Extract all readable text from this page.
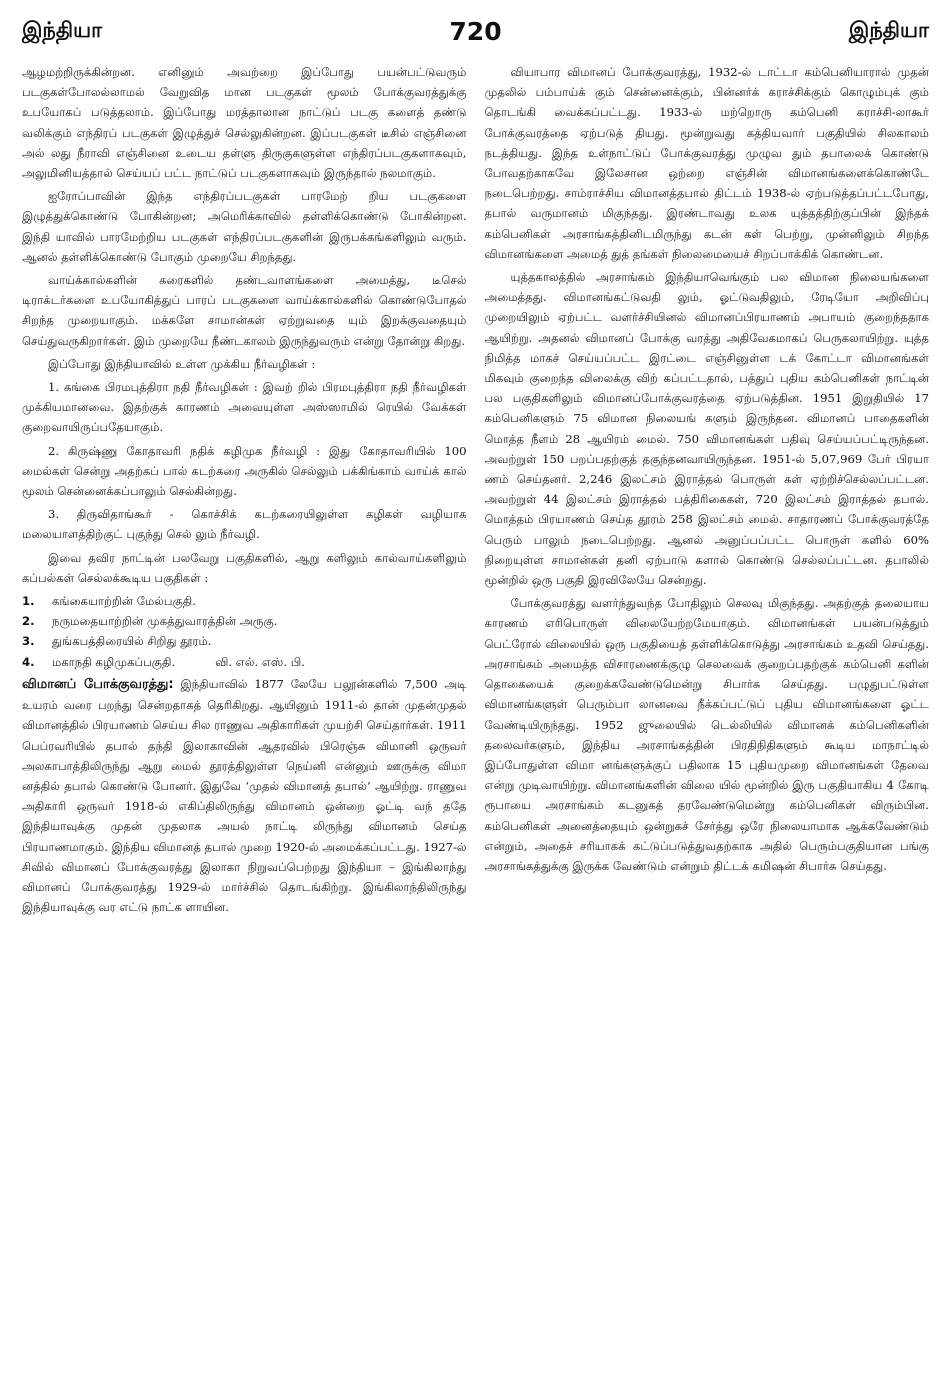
இந்தியா	720	இந்தியா

ஆழமற்றிருக்கின்றன. எனினும் அவற்றை இப்போது பயன்பட்டுவரும் படகுகள்போலல்லாமல் வேறுவித மான படகுகள் மூலம் போக்குவரத்துக்கு உபயோகப் படுத்தலாம். இப்போது மரத்தாலான நாட்டுப் படகு களைத் தண்டு வலிக்கும் எந்திரப் படகுகள் இழுத்துச் செல்லுகின்றன. இப்படகுகள் டீசில் எஞ்சினை அல் லது நீராவி எஞ்சினை உடைய தள்ளு திருகுகளுள்ள எந்திரப்படகுகளாகவும், அலுமினியத்தால் செய்யப் பட்ட நாட்டுப் படகுகளாகவும் இருந்தால் நலமாகும்.

ஐரோப்பாவின் இந்த எந்திரப்படகுகள் பாரமேற் றிய படகுகளை இழுத்துக்கொண்டு போகின்றன; அமெரிக்காவில் தள்ளிக்கொண்டு போகின்றன. இந்தி யாவில் பாரமேற்றிய படகுகள் எந்திரப்படகுகளின் இருபக்கங்களிலும் வரும். ஆனல் தள்ளிக்கொண்டு போகும் முறையே சிறந்தது.

வாய்க்கால்களின் கரைகளில் தண்டவாளங்களை அமைத்து, டீசெல் டிராக்டர்களை உபயோகித்துப் பாரப் படகுகளை வாய்க்கால்களில் கொண்டுபோதல் சிறந்த முறையாகும். மக்களே சாமான்கள் ஏற்றுவதை யும் இறக்குவதையும் செய்துவருகிறார்கள். இம் முறையே நீண்டகாலம் இருந்துவரும் என்று தோன்று கிறது.

இப்போது இந்தியாவில் உள்ள முக்கிய நீர்வழிகள் :

1. கங்கை பிரமபுத்திரா நதி நீர்வழிகள் : இவற் றில் பிரமபுத்திரா நதி நீர்வழிகள் முக்கியமானவை. இதற்குக் காரணம் அவையுள்ள அஸ்ஸாமில் ரெயில் வேக்கள் குறைவாயிருப்பதேயாகும்.

2. கிருஷ்ணு கோதாவரி நதிக் கழிமுக நீர்வழி : இது கோதாவரியில் 100 மைல்கள் சென்று அதற்கப் பால் கடற்கரை அருகில் செல்லும் பக்கிங்காம் வாய்க் கால் மூலம் சென்னைக்கப்பாலும் செல்கின்றது.

3. திருவிதாங்கூர் - கொச்சிக் கடற்கரையிலுள்ள கழிகள் வழியாக மலையாளத்திற்குட் புகுந்து செல் லும் நீர்வழி.

இவை தவிர நாட்டின் பலவேறு பகுதிகளில், ஆறு களிலும் கால்வாய்களிலும் கப்பல்கள் செல்லக்கூடிய பகுதிகள் :

1.	கங்கையாற்றின் மேல்பகுதி.
2.	நருமதையாற்றின் முகத்துவாரத்தின் அருகு.
3.	துங்கபத்திரையில் சிறிது தூரம்.
4.	மகாநதி கழிமுகப்பகுதி.	வி. எல். எஸ். பி.

விமானப் போக்குவரத்து: இந்தியாவில் 1877 லேயே பலூன்களில் 7,500 அடி உயரம் வரை பறந்து சென்றதாகத் தெரிகிறது. ஆயினும் 1911-ல் தான் முதன்முதல் விமானத்தில் பிரயாணம் செய்ய சில ராணுவ அதிகாரிகள் முயற்சி செய்தார்கள். 1911 பெப்ரவரியில் தபால் தந்தி இலாகாவின் ஆதரவில் பிரெஞ்சு விமானி ஒருவர் அலகாபாத்திலிருந்து ஆறு மைல் தூரத்திலுள்ள நெய்னி என்னும் ஊருக்கு விமா னத்தில் தபால் கொண்டு போனர். இதுவே ‘முதல் விமானத் தபால்’ ஆயிற்று. ராணுவ அதிகாரி ஒருவர் 1918-ல் எகிப்திலிருந்து விமானம் ஒன்றை ஓட்டி வந் ததே இந்தியாவுக்கு முதன் முதலாக அயல் நாட்டி லிருந்து விமானம் செய்த பிரயாணமாகும். இந்திய விமானத் தபால் முறை 1920-ல் அமைக்கப்பட்டது. 1927-ல் சிவில் விமானப் போக்குவரத்து இலாகா நிறுவப்பெற்றது இந்தியா – இங்கிலாந்து விமானப் போக்குவரத்து 1929-ல் மார்ச்சில் தொடங்கிற்று. இங்கிலாந்திலிருந்து இந்தியாவுக்கு வர எட்டு நாட்க ளாயின.

வியாபார விமானப் போக்குவரத்து, 1932-ல் டாட்டா கம்பெனியாரால் முதன் முதலில் பம்பாய்க் கும் சென்னைக்கும், பின்னர்க் கராச்சிக்கும் கொழும்புக் கும் தொடங்கி வைக்கப்பட்டது. 1933-ல் மற்றொரு கம்பெனி கராச்சி-லாகூர் போக்குவரத்தை ஏற்படுத் தியது. மூன்றுவது கத்தியவார் பகுதியில் சிலகாலம் நடத்தியது. இந்த உள்நாட்டுப் போக்குவரத்து முழுவ தும் தபாலைக் கொண்டு போவதற்காகவே இலேசான ஒற்றை எஞ்சின் விமானங்களைக்கொண்டே நடைபெற்றது. சாம்ராச்சிய விமானத்தபால் திட்டம் 1938-ல் ஏற்படுத்தப்பட்டபோது, தபால் வருமானம் மிகுந்தது. இரண்டாவது உலக யுத்தத்திற்குப்பின் இந்தக் கம்பெனிகள் அரசாங்கத்தினிடமிருந்து கடன் கள் பெற்று, முன்னிலும் சிறந்த விமானங்களை அமைத் துத் தங்கள் நிலைமையைச் சிறப்பாக்கிக் கொண்டன.

யுத்தகாலத்தில் அரசாங்கம் இந்தியாவெங்கும் பல விமான நிலையங்களை அமைத்தது. விமானங்கட்டுவதி லும், ஓட்டுவதிலும், ரேடியோ அறிவிப்பு முறையிலும் ஏற்பட்ட வளர்ச்சியினல் விமானப்பிரயாணம் அபாயம் குறைந்ததாக ஆயிற்று. அதனல் விமானப் போக்கு வரத்து அதிவேகமாகப் பெருகலாயிற்று. யுத்த நிமித்த மாகச் செய்யப்பட்ட இரட்டை எஞ்சினுள்ள டக் கோட்டா விமானங்கள் மிகவும் குறைந்த விலைக்கு விற் கப்பட்டதால், பத்துப் புதிய கம்பெனிகள் நாட்டின் பல பகுதிகளிலும் விமானப்போக்குவரத்தை ஏற்படுத்தின. 1951 இறுதியில் 17 கம்பெனிகளும் 75 விமான நிலையங் களும் இருந்தன. விமானப் பாதைகளின் மொத்த நீளம் 28 ஆயிரம் மைல். 750 விமானங்கள் பதிவு செய்யப்பட்டிருந்தன. அவற்றுள் 150 பறப்பதற்குத் தகுந்தனவாயிருந்தன. 1951-ல் 5,07,969 பேர் பிரயா ணம் செய்தனர். 2,246 இலட்சம் இராத்தல் பொருள் கள் ஏற்றிச்செல்லப்பட்டன. அவற்றுள் 44 இலட்சம் இராத்தல் பத்திரிகைகள், 720 இலட்சம் இராத்தல் தபால். மொத்தம் பிரயாணம் செய்த தூரம் 258 இலட்சம் மைல். சாதாரணப் போக்குவரத்தே பெரும் பாலும் நடைபெற்றது. ஆனல் அனுப்பப்பட்ட பொருள் களில் 60% நிறையுள்ள சாமான்கள் தனி ஏற்பாடு களால் கொண்டு செல்லப்பட்டன. தபாலில் மூன்றில் ஒரு பகுதி இரவிலேயே சென்றது.

போக்குவரத்து வளர்ந்துவந்த போதிலும் செலவு மிகுந்தது. அதற்குத் தலையாய காரணம் எரிபொருள் விலையேற்றமேயாகும். விமானங்கள் பயன்படுத்தும் பெட்ரோல் விலையில் ஒரு பகுதியைத் தள்ளிக்கொடுத்து அரசாங்கம் உதவி செய்தது. அரசாங்கம் அமைத்த விசாரணைக்குழு செலவைக் குறைப்பதற்குக் கம்பெனி களின் தொகையைக் குறைக்கவேண்டுமென்று சிபார்சு செய்தது. பழுதுபட்டுள்ள விமானங்களுள் பெரும்பா லானவை நீக்கப்பட்டுப் புதிய விமானங்களை ஓட்ட வேண்டியிருந்தது. 1952 ஜுலையில் டெல்லியில் விமானக் கம்பெனிகளின் தலைவர்களும், இந்திய அரசாங்கத்தின் பிரதிநிதிகளும் கூடிய மாநாட்டில் இப்போதுள்ள விமா னங்களுக்குப் பதிலாக 15 புதியமுறை விமானங்கள் தேவை என்று முடிவாயிற்று. விமானங்களின் விலை யில் மூன்றில் இரு பகுதியாகிய 4 கோடி ரூபாயை அரசாங்கம் கடனுகத் தரவேண்டுமென்று கம்பெனிகள் விரும்பின. கம்பெனிகள் அனைத்தையும் ஒன்றுகச் சேர்த்து ஒரே நிலையாமாக ஆக்கவேண்டும் என்றும், அதைச் சரியாகக் கட்டுப்படுத்துவதற்காக அதில் பெரும்பகுதியான பங்கு அரசாங்கத்துக்கு இருக்க வேண்டும் என்றும் திட்டக் கமிஷன் சிபார்சு செய்தது.
